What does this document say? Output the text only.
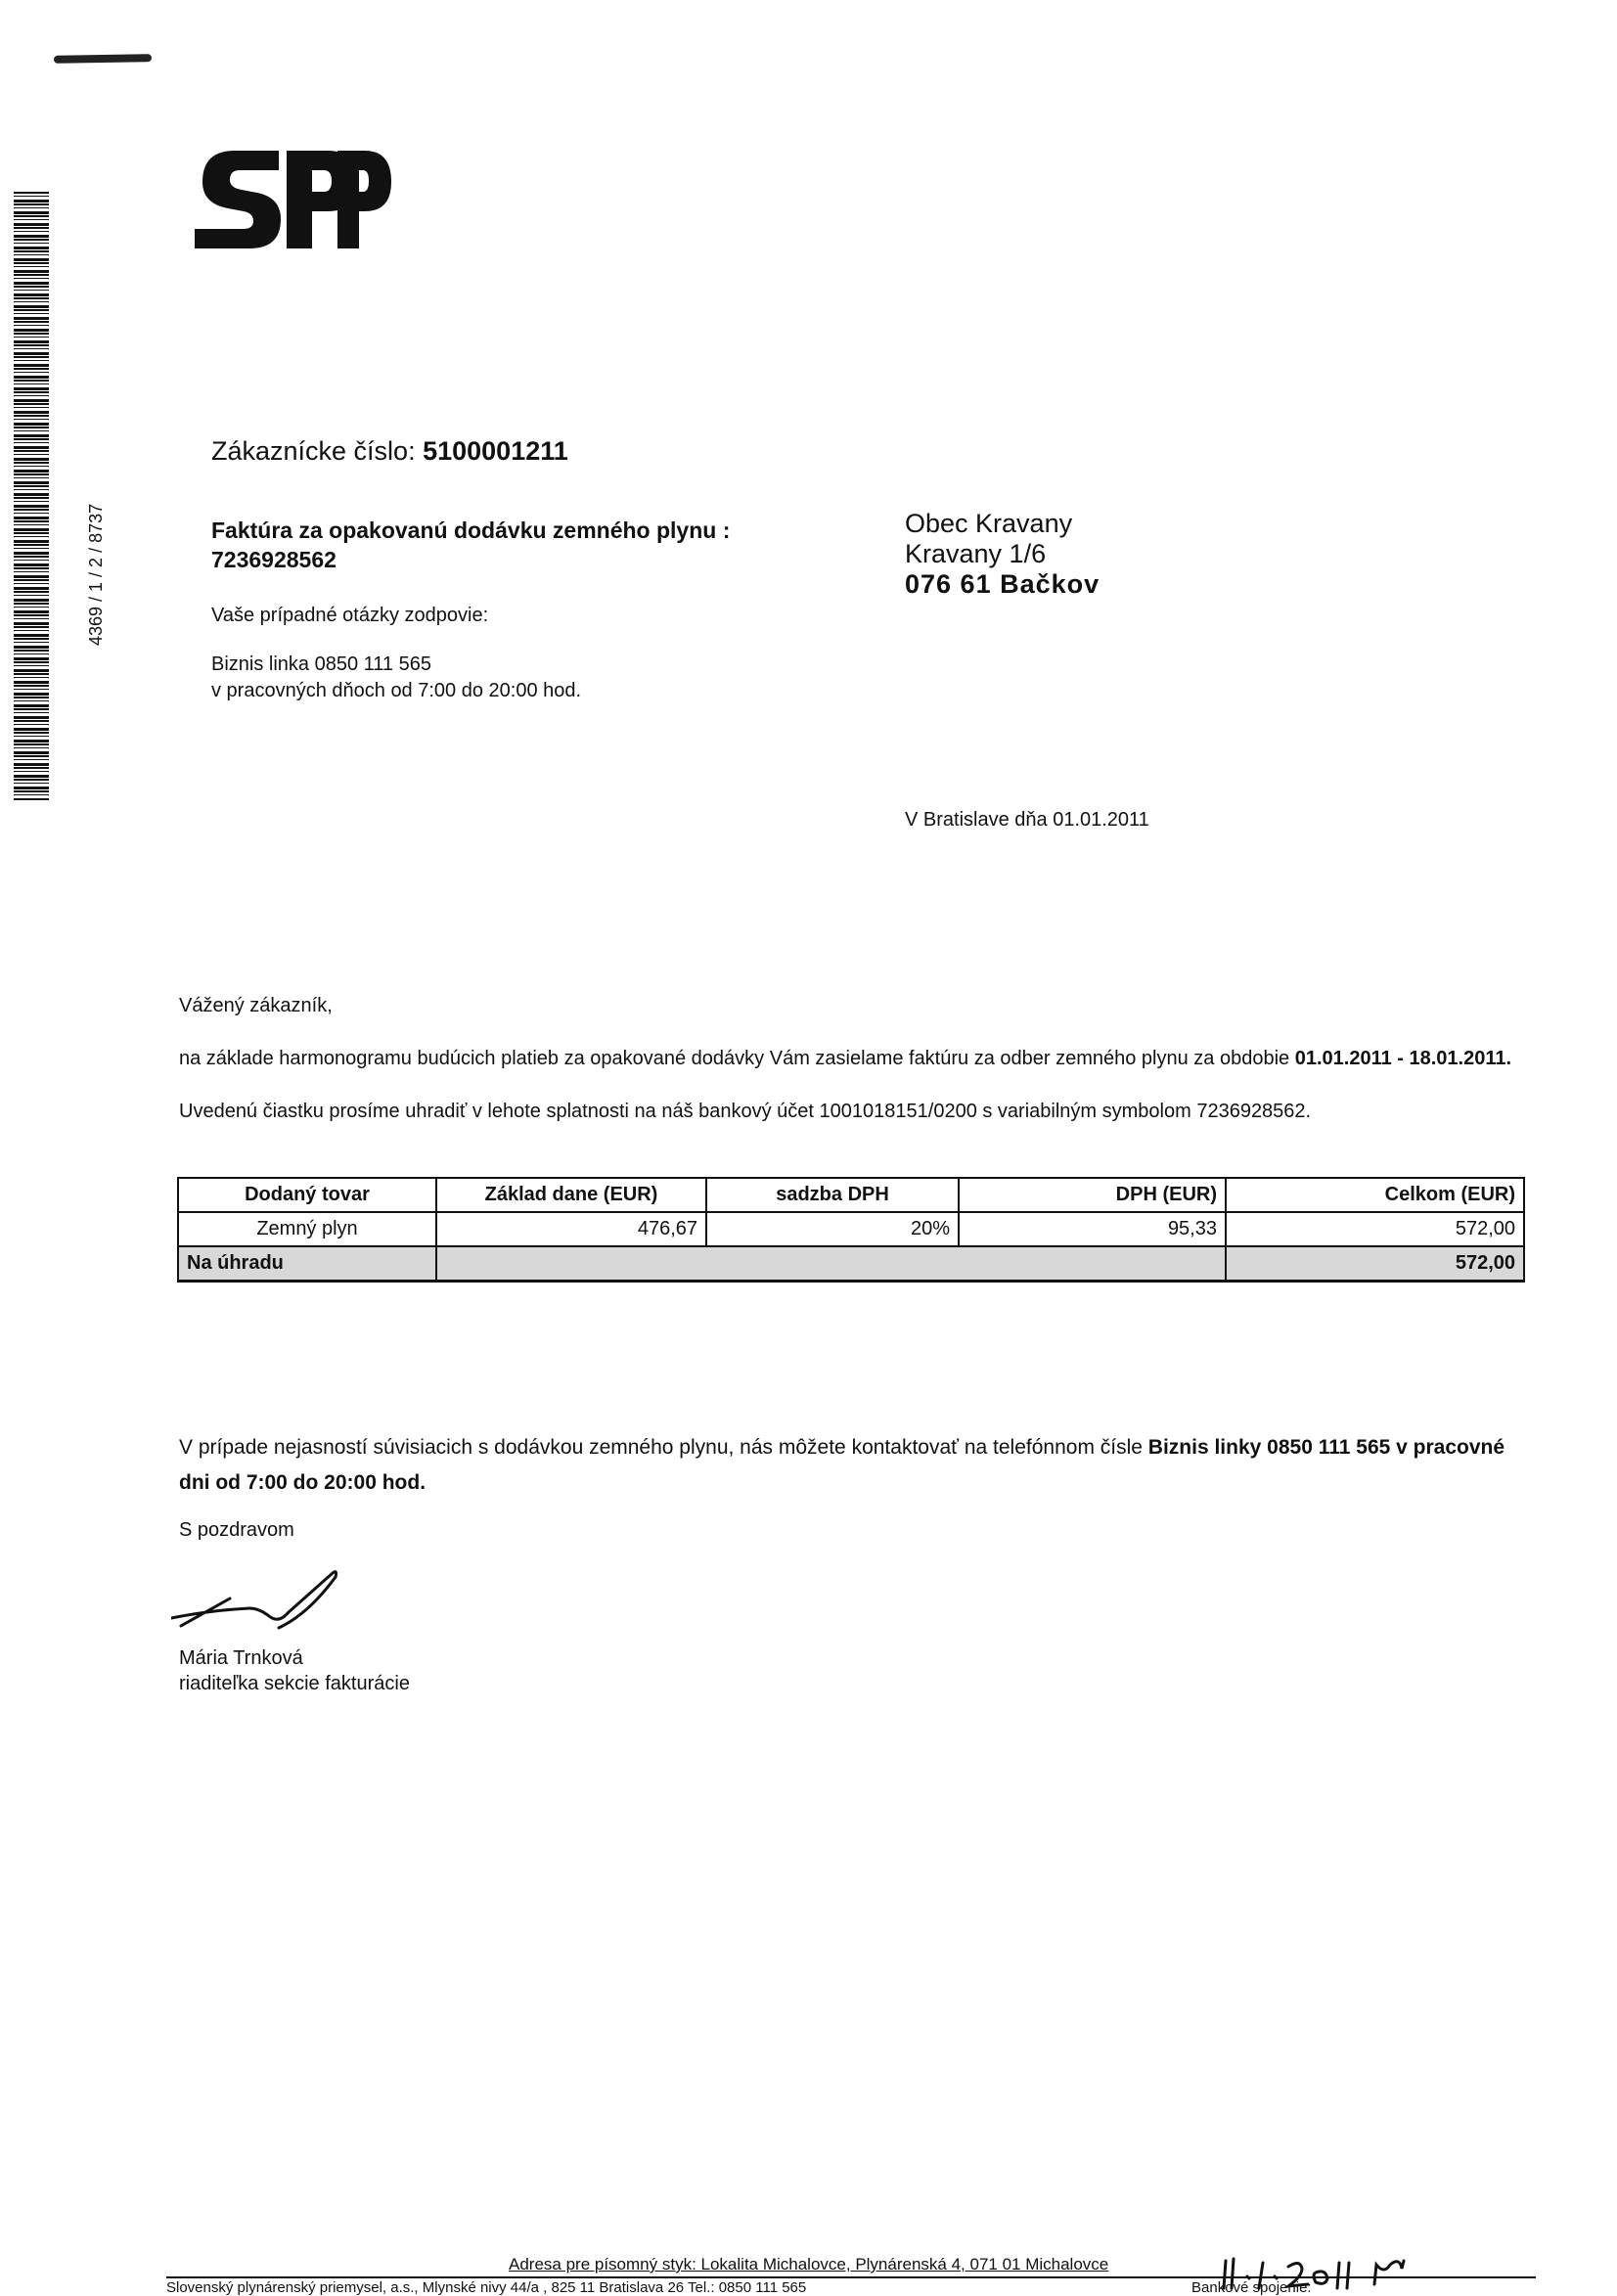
4369 / 1 / 2 / 8737
Zákaznícke číslo: 5100001211
Faktúra za opakovanú dodávku zemného plynu :
7236928562
Vaše prípadné otázky zodpovie:
Biznis linka 0850 111 565
v pracovných dňoch od 7:00 do 20:00 hod.
Obec Kravany
Kravany 1/6
076 61 Bačkov
V Bratislave dňa 01.01.2011
Vážený zákazník,
na základe harmonogramu budúcich platieb za opakované dodávky Vám zasielame faktúru za odber zemného plynu za obdobie 01.01.2011 - 18.01.2011.
Uvedenú čiastku prosíme uhradiť v lehote splatnosti na náš bankový účet 1001018151/0200 s variabilným symbolom 7236928562.
Dodaný tovar	Základ dane (EUR)	sadzba DPH	DPH (EUR)	Celkom (EUR)
Zemný plyn	476,67	20%	95,33	572,00
Na úhradu				572,00
V prípade nejasností súvisiacich s dodávkou zemného plynu, nás môžete kontaktovať na telefónnom čísle Biznis linky 0850 111 565 v pracovné dni od 7:00 do 20:00 hod.
S pozdravom
Mária Trnková
riaditeľka sekcie fakturácie
Adresa pre písomný styk: Lokalita Michalovce, Plynárenská 4, 071 01 Michalovce
Slovenský plynárenský priemysel, a.s., Mlynské nivy 44/a , 825 11 Bratislava 26 Tel.: 0850 111 565	Bankové spojenie:
